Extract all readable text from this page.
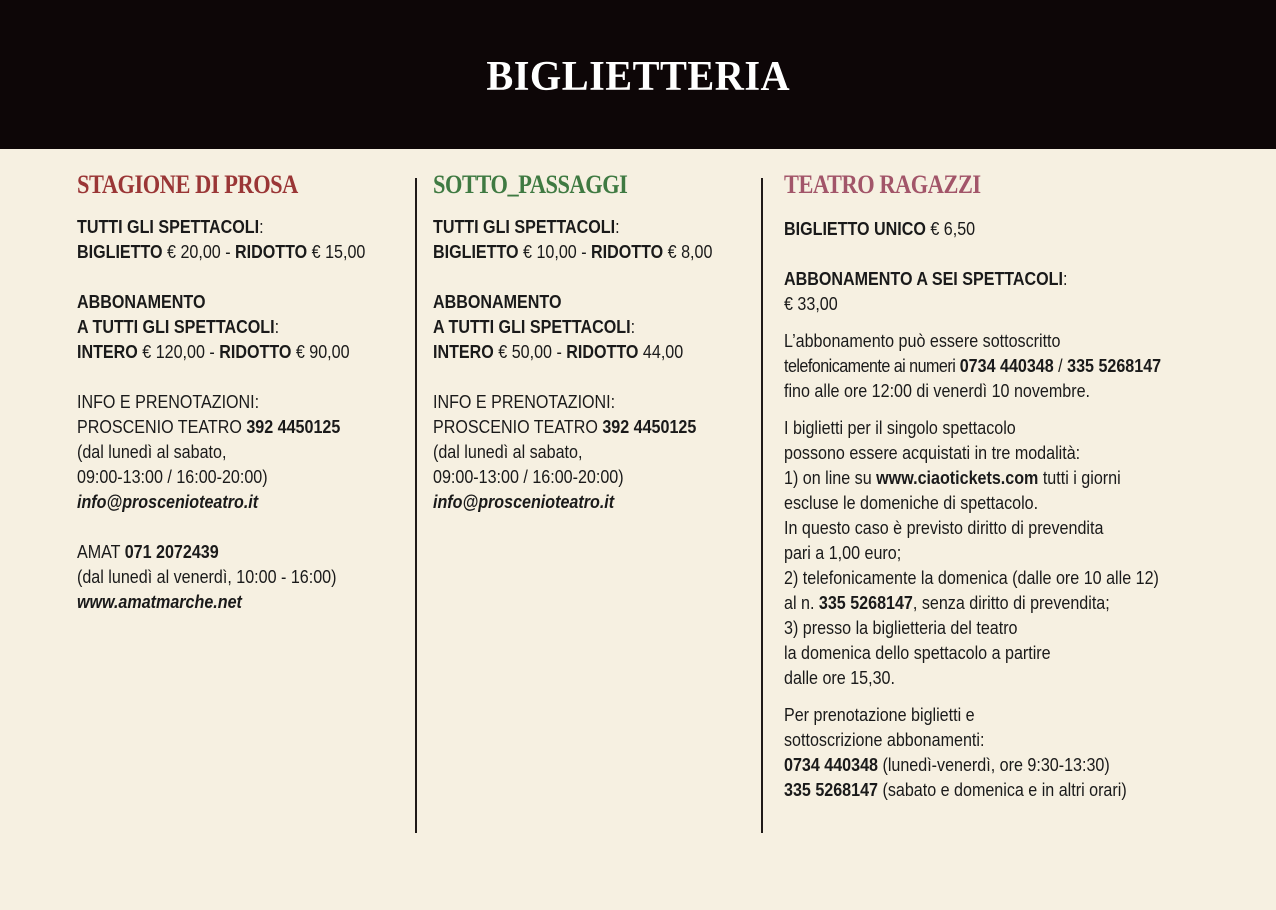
BIGLIETTERIA
STAGIONE DI PROSA
TUTTI GLI SPETTACOLI:
BIGLIETTO € 20,00 - RIDOTTO € 15,00
ABBONAMENTO
A TUTTI GLI SPETTACOLI:
INTERO € 120,00 - RIDOTTO € 90,00
INFO E PRENOTAZIONI:
PROSCENIO TEATRO 392 4450125
(dal lunedì al sabato,
09:00-13:00 / 16:00-20:00)
info@proscenioteatro.it
AMAT 071 2072439
(dal lunedì al venerdì, 10:00 - 16:00)
www.amatmarche.net
SOTTO_PASSAGGI
TUTTI GLI SPETTACOLI:
BIGLIETTO € 10,00 - RIDOTTO € 8,00
ABBONAMENTO
A TUTTI GLI SPETTACOLI:
INTERO € 50,00 - RIDOTTO 44,00
INFO E PRENOTAZIONI:
PROSCENIO TEATRO 392 4450125
(dal lunedì al sabato,
09:00-13:00 / 16:00-20:00)
info@proscenioteatro.it
TEATRO RAGAZZI
BIGLIETTO UNICO € 6,50
ABBONAMENTO A SEI SPETTACOLI:
€ 33,00
L’abbonamento può essere sottoscritto
telefonicamente ai numeri 0734 440348 / 335 5268147
fino alle ore 12:00 di venerdì 10 novembre.
I biglietti per il singolo spettacolo
possono essere acquistati in tre modalità:
1) on line su www.ciaotickets.com tutti i giorni
escluse le domeniche di spettacolo.
In questo caso è previsto diritto di prevendita
pari a 1,00 euro;
2) telefonicamente la domenica (dalle ore 10 alle 12)
al n. 335 5268147, senza diritto di prevendita;
3) presso la biglietteria del teatro
la domenica dello spettacolo a partire
dalle ore 15,30.
Per prenotazione biglietti e
sottoscrizione abbonamenti:
0734 440348 (lunedì-venerdì, ore 9:30-13:30)
335 5268147 (sabato e domenica e in altri orari)
